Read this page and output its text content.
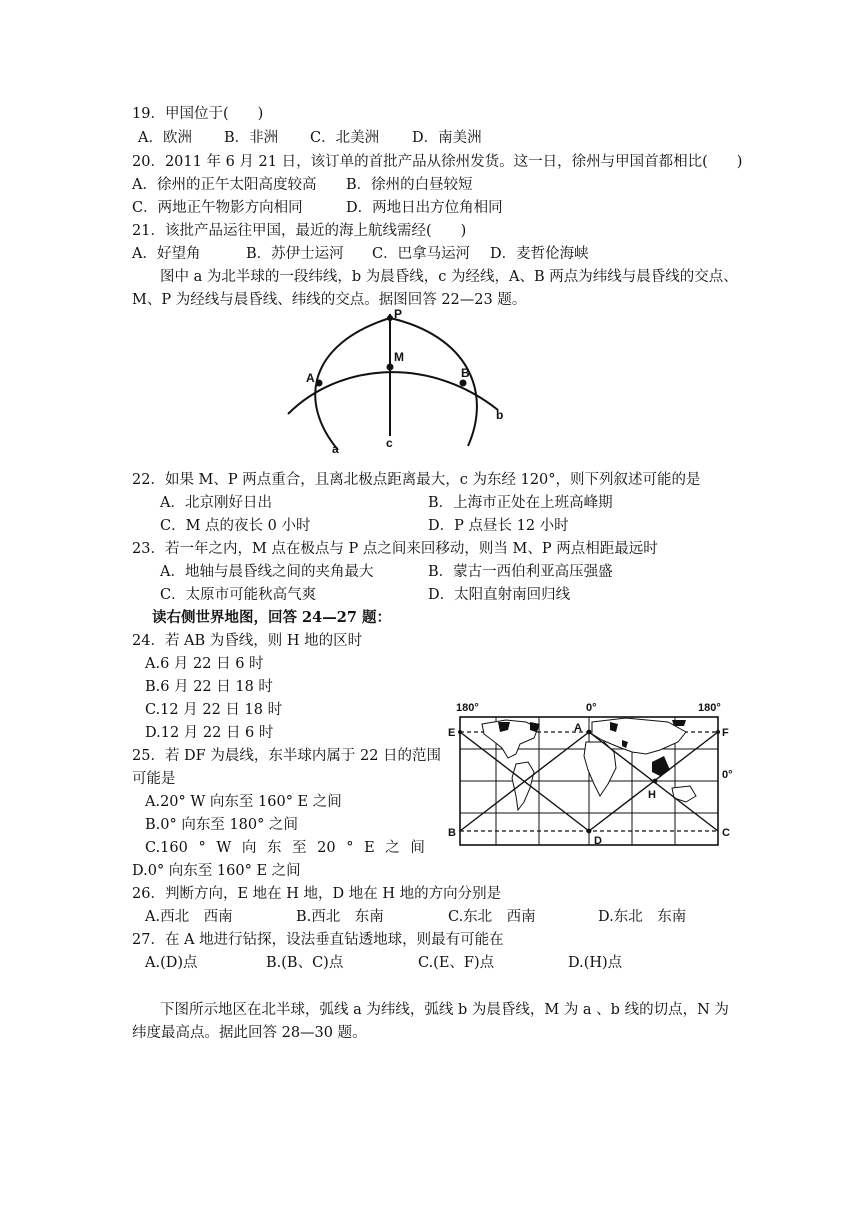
19．甲国位于(　　)
A．欧洲 B．非洲 C．北美洲 D．南美洲
20．2011 年 6 月 21 日，该订单的首批产品从徐州发货。这一日，徐州与甲国首都相比(　　)
A．徐州的正午太阳高度较高 B．徐州的白昼较短
C．两地正午物影方向相同	D．两地日出方位角相同
21．该批产品运往甲国，最近的海上航线需经(　　)
A．好望角	B．苏伊士运河 C．巴拿马运河 D．麦哲伦海峡
图中 a 为北半球的一段纬线，b 为晨昏线，c 为经线，A、B 两点为纬线与晨昏线的交点、
M、P 为经线与晨昏线、纬线的交点。据图回答 22—23 题。
P
M
A	B
a
b
c
22．如果 M、P 两点重合，且离北极点距离最大，c 为东经 120°，则下列叙述可能的是
A．北京刚好日出	B．上海市正处在上班高峰期
C．M 点的夜长 0 小时	D．P 点昼长 12 小时
23．若一年之内，M 点在极点与 P 点之间来回移动，则当 M、P 两点相距最远时
A．地轴与晨昏线之间的夹角最大	B．蒙古一西伯利亚高压强盛
C．太原市可能秋高气爽	D．太阳直射南回归线
读右侧世界地图，回答 24—27 题：
24．若 AB 为昏线，则 H 地的区时
A.6 月 22 日 6 时
B.6 月 22 日 18 时
C.12 月 22 日 18 时
D.12 月 22 日 6 时
25．若 DF 为晨线，东半球内属于 22 日的范围
可能是
A.20° W 向东至 160° E 之间
B.0° 向东至 180° 之间
C.160 ° W 向 东 至 20 ° E 之 间
D.0° 向东至 160° E 之间
180°	0°	180°
0°
A
B	C
D
E	F
H
26．判断方向，E 地在 H 地，D 地在 H 地的方向分别是
A.西北　西南	B.西北　东南	C.东北　西南	D.东北　东南
27．在 A 地进行钻探，设法垂直钻透地球，则最有可能在
A.(D)点	B.(B、C)点	C.(E、F)点	D.(H)点
下图所示地区在北半球，弧线 a 为纬线，弧线 b 为晨昏线，M 为 a 、b 线的切点，N 为
纬度最高点。据此回答 28—30 题。
